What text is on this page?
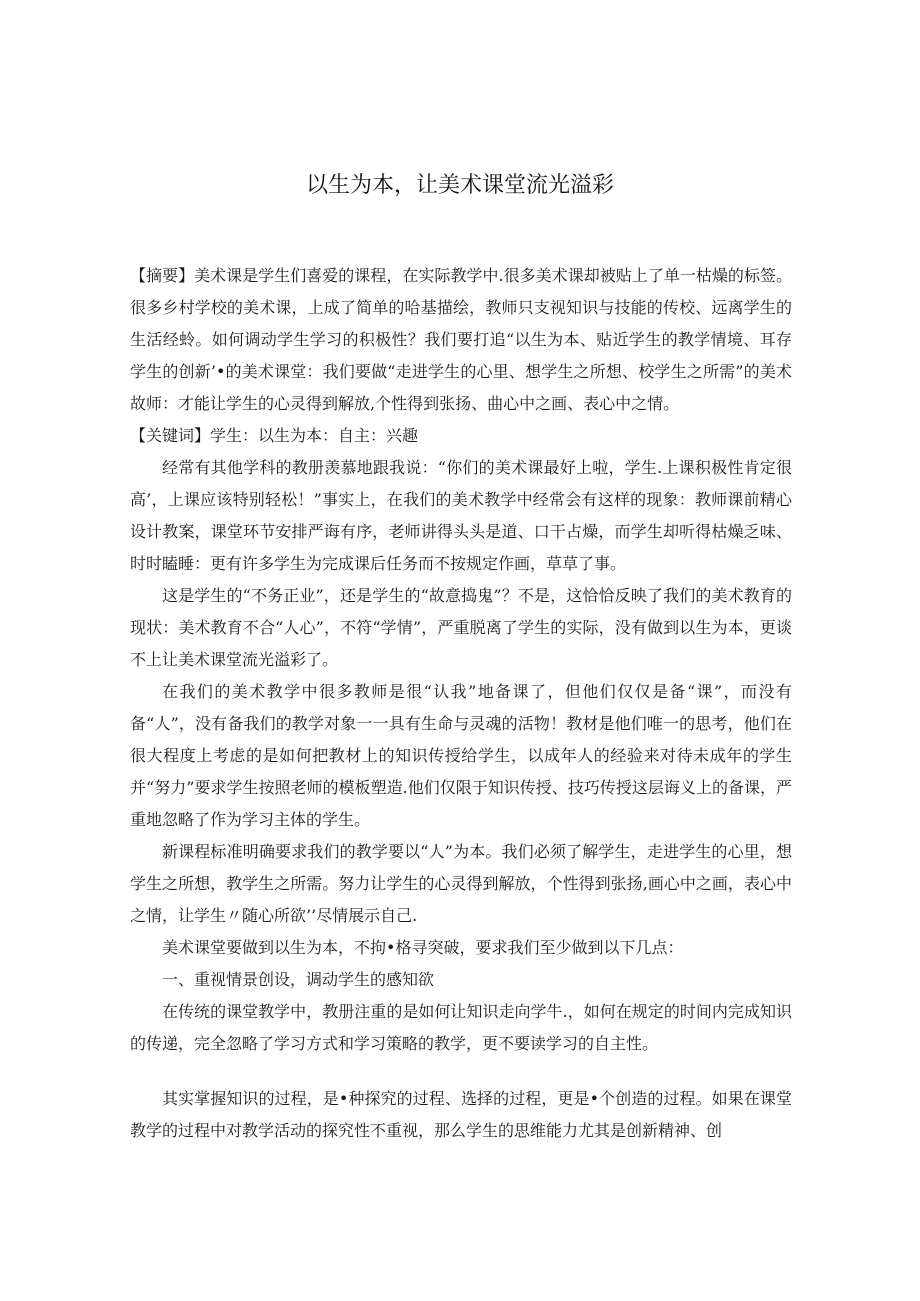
以生为本，让美术课堂流光溢彩

【摘要】美术课是学生们喜爱的课程，在实际教学中.很多美术课却被贴上了单一枯燥的标签。很多乡村学校的美术课，上成了简单的哈基描绘，教师只支视知识与技能的传校、远离学生的生活经蛉。如何调动学生学习的积极性？我们要打追“以生为本、贴近学生的教学情境、耳存学生的创新’•的美术课堂：我们要做“走进学生的心里、想学生之所想、校学生之所需”的美术故师：才能让学生的心灵得到解放,个性得到张扬、曲心中之画、表心中之情。

【关键词】学生：以生为本：自主：兴趣

经常有其他学科的教册羡慕地跟我说：“你们的美术课最好上啦，学生.上课积极性肯定很高’，上课应该特别轻松！”事实上，在我们的美术教学中经常会有这样的现象：教师课前精心设计教案，课堂环节安排严诲有序，老师讲得头头是道、口干占燥，而学生却听得枯燥乏味、时时瞌睡：更有许多学生为完成课后任务而不按规定作画，草草了事。

这是学生的“不务正业”，还是学生的“故意捣鬼”？不是，这恰恰反映了我们的美术教育的现状：美术教育不合“人心”，不符“学情”，严重脱离了学生的实际，没有做到以生为本，更谈不上让美术课堂流光溢彩了。

在我们的美术教学中很多教师是很“认我”地备课了，但他们仅仅是备“课”，而没有备“人”，没有备我们的教学对象一一具有生命与灵魂的活物！教材是他们唯一的思考，他们在很大程度上考虑的是如何把教材上的知识传授给学生，以成年人的经验来对待未成年的学生并“努力”要求学生按照老师的模板塑造.他们仅限于知识传授、技巧传授这层诲义上的备课，严重地忽略了作为学习主体的学生。

新课程标准明确要求我们的教学要以“人”为本。我们必须了解学生，走进学生的心里，想学生之所想，教学生之所需。努力让学生的心灵得到解放，个性得到张扬,画心中之画，表心中之情，让学生〃随心所欲’’尽情展示自己.

美术课堂要做到以生为本，不拘•格寻突破，要求我们至少做到以下几点：

一、重视情景创设，调动学生的感知欲

在传统的课堂教学中，教册注重的是如何让知识走向学牛.，如何在规定的时间内完成知识的传递，完全忽略了学习方式和学习策略的教学，更不要读学习的自主性。

其实掌握知识的过程，是•种探究的过程、选择的过程，更是•个创造的过程。如果在课堂教学的过程中对教学活动的探究性不重视，那么学生的思维能力尤其是创新精神、创
